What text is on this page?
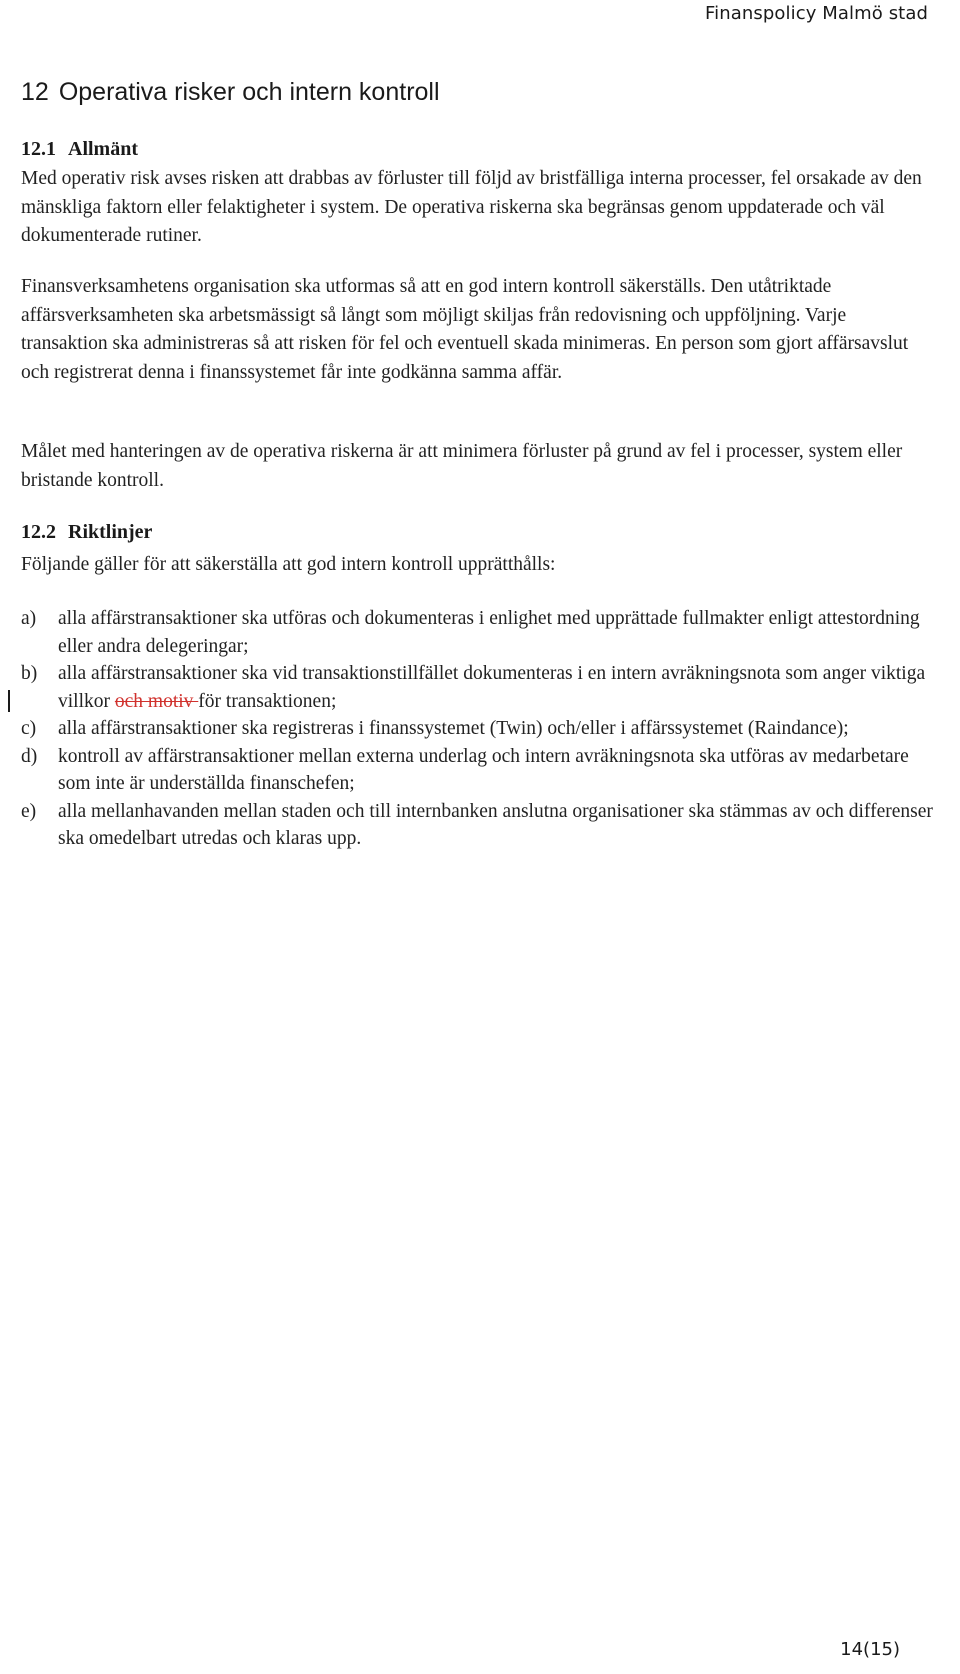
Finanspolicy Malmö stad
12 Operativa risker och intern kontroll
12.1 Allmänt

Med operativ risk avses risken att drabbas av förluster till följd av bristfälliga interna processer, fel orsakade av den mänskliga faktorn eller felaktigheter i system. De operativa riskerna ska begränsas genom uppdaterade och väl dokumenterade rutiner.

Finansverksamhetens organisation ska utformas så att en god intern kontroll säkerställs. Den utåtriktade affärsverksamheten ska arbetsmässigt så långt som möjligt skiljas från redovisning och uppföljning. Varje transaktion ska administreras så att risken för fel och eventuell skada minimeras. En person som gjort affärsavslut och registrerat denna i finanssystemet får inte godkänna samma affär.

Målet med hanteringen av de operativa riskerna är att minimera förluster på grund av fel i processer, system eller bristande kontroll.

12.2 Riktlinjer

Följande gäller för att säkerställa att god intern kontroll upprätthålls:

a) alla affärstransaktioner ska utföras och dokumenteras i enlighet med upprättade fullmakter enligt attestordning eller andra delegeringar;
b) alla affärstransaktioner ska vid transaktionstillfället dokumenteras i en intern avräkningsnota som anger viktiga villkor och motiv för transaktionen;
c) alla affärstransaktioner ska registreras i finanssystemet (Twin) och/eller i affärssystemet (Raindance);
d) kontroll av affärstransaktioner mellan externa underlag och intern avräkningsnota ska utföras av medarbetare som inte är underställda finanschefen;
e) alla mellanhavanden mellan staden och till internbanken anslutna organisationer ska stämmas av och differenser ska omedelbart utredas och klaras upp.
14(15)
